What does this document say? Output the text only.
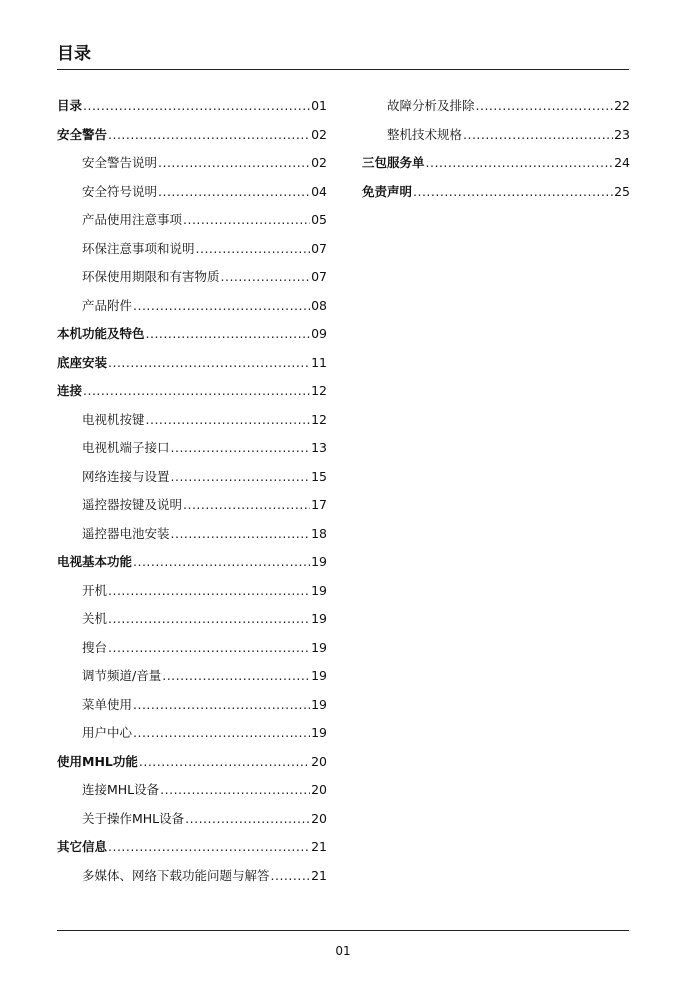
目录
目录 .....	01
安全警告 .....	02
安全警告说明 .....	02
安全符号说明 .....	04
产品使用注意事项 .....	05
环保注意事项和说明 .....	07
环保使用期限和有害物质 .....	07
产品附件 .....	08
本机功能及特色 .....	09
底座安装 .....	11
连接 .....	12
电视机按键 .....	12
电视机端子接口 .....	13
网络连接与设置 .....	15
遥控器按键及说明 .....	17
遥控器电池安装 .....	18
电视基本功能 .....	19
开机 .....	19
关机 .....	19
搜台 .....	19
调节频道/音量 .....	19
菜单使用 .....	19
用户中心 .....	19
使用MHL功能 .....	20
连接MHL设备 .....	20
关于操作MHL设备 .....	20
其它信息 .....	21
多媒体、网络下载功能问题与解答 .....	21
故障分析及排除 .....	22
整机技术规格 .....	23
三包服务单 .....	24
免责声明 .....	25
01
